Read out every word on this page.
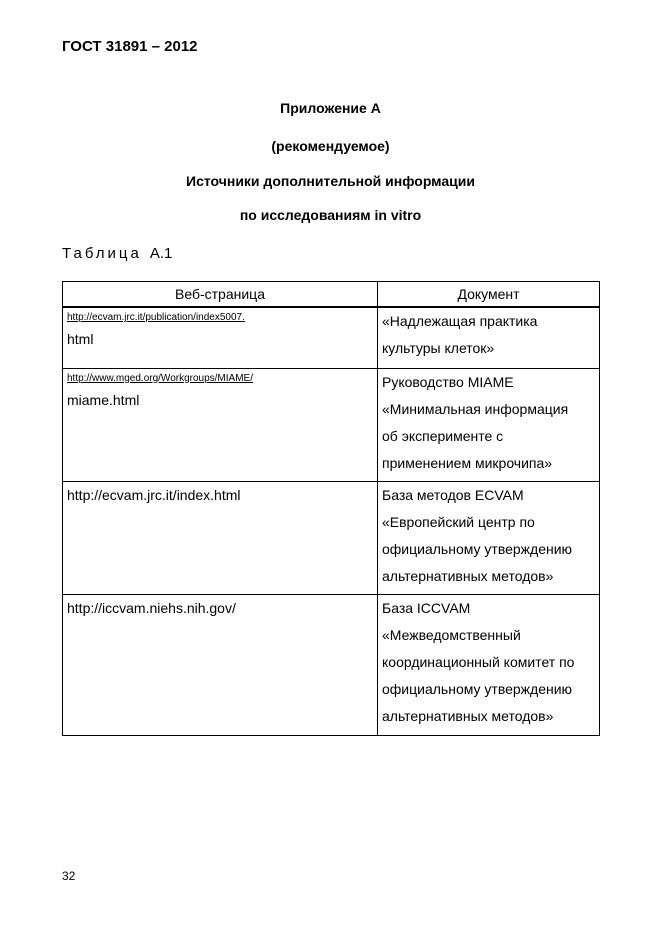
ГОСТ 31891 – 2012
Приложение А
(рекомендуемое)
Источники дополнительной информации
по исследованиям in vitro
Таблица А.1
Веб-страница	Документ

http://ecvam.jrc.it/publication/index5007.
html	«Надлежащая практика
культуры клеток»

http://www.mged.org/Workgroups/MIAME/
miame.html	Руководство MIAME
«Минимальная информация
об эксперименте с
применением микрочипа»

http://ecvam.jrc.it/index.html	База методов ECVAM
«Европейский центр по
официальному утверждению
альтернативных методов»

http://iccvam.niehs.nih.gov/	База ICCVAM
«Межведомственный
координационный комитет по
официальному утверждению
альтернативных методов»
32
